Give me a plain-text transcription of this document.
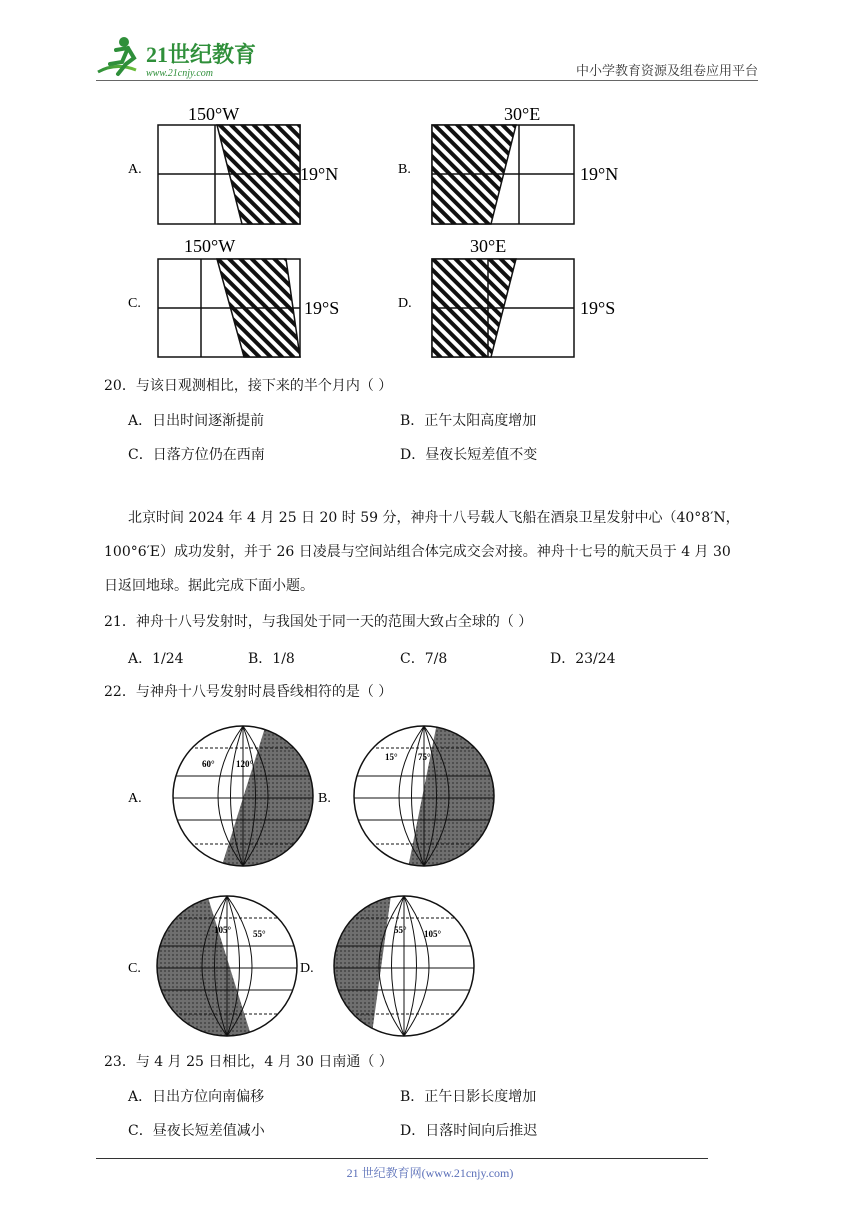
21世纪教育
www.21cnjy.com	中小学教育资源及组卷应用平台
A.
150°W
19°N	B.
30°E
19°N
C.
150°W
19°S	D.
30°E
19°S
20．与该日观测相比，接下来的半个月内（ ）
A．日出时间逐渐提前	B．正午太阳高度增加
C．日落方位仍在西南	D．昼夜长短差值不变
北京时间 2024 年 4 月 25 日 20 时 59 分，神舟十八号载人飞船在酒泉卫星发射中心（40°8′N，
100°6′E）成功发射，并于 26 日凌晨与空间站组合体完成交会对接。神舟十七号的航天员于 4 月 30
日返回地球。据此完成下面小题。
21．神舟十八号发射时，与我国处于同一天的范围大致占全球的（ ）
A．1/24	B．1/8	C．7/8	D．23/24
22．与神舟十八号发射时晨昏线相符的是（ ）
A.
60° 120°
B.
15° 75°
C.
105° 55°
D.
55° 105°
23．与 4 月 25 日相比，4 月 30 日南通（ ）
A．日出方位向南偏移	B．正午日影长度增加
C．昼夜长短差值减小	D．日落时间向后推迟
21 世纪教育网(www.21cnjy.com)
